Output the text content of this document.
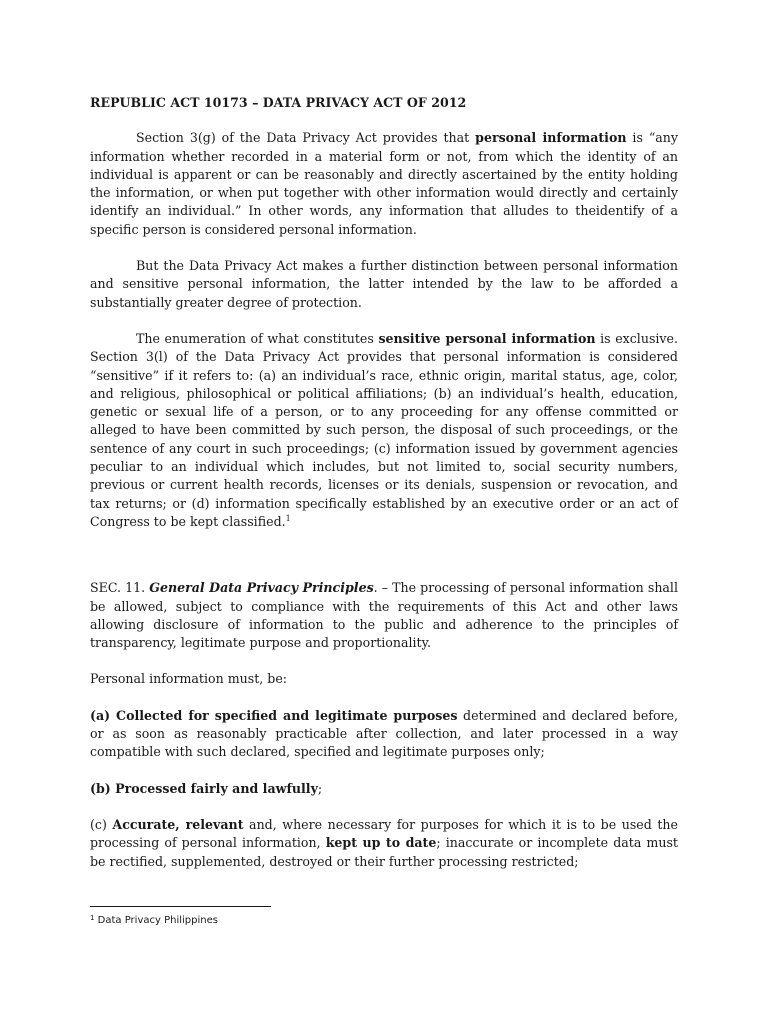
REPUBLIC ACT 10173 – DATA PRIVACY ACT OF 2012

Section 3(g) of the Data Privacy Act provides that personal information is “any information whether recorded in a material form or not, from which the identity of an individual is apparent or can be reasonably and directly ascertained by the entity holding the information, or when put together with other information would directly and certainly identify an individual.” In other words, any information that alludes to theidentify of a specific person is considered personal information.

But the Data Privacy Act makes a further distinction between personal information and sensitive personal information, the latter intended by the law to be afforded a substantially greater degree of protection.

The enumeration of what constitutes sensitive personal information is exclusive. Section 3(l) of the Data Privacy Act provides that personal information is considered “sensitive” if it refers to: (a) an individual’s race, ethnic origin, marital status, age, color, and religious, philosophical or political affiliations; (b) an individual’s health, education, genetic or sexual life of a person, or to any proceeding for any offense committed or alleged to have been committed by such person, the disposal of such proceedings, or the sentence of any court in such proceedings; (c) information issued by government agencies peculiar to an individual which includes, but not limited to, social security numbers, previous or current health records, licenses or its denials, suspension or revocation, and tax returns; or (d) information specifically established by an executive order or an act of Congress to be kept classified.$^1$

SEC. 11. General Data Privacy Principles. – The processing of personal information shall be allowed, subject to compliance with the requirements of this Act and other laws allowing disclosure of information to the public and adherence to the principles of transparency, legitimate purpose and proportionality.

Personal information must, be:

(a) Collected for specified and legitimate purposes determined and declared before, or as soon as reasonably practicable after collection, and later processed in a way compatible with such declared, specified and legitimate purposes only;

(b) Processed fairly and lawfully;

(c) Accurate, relevant and, where necessary for purposes for which it is to be used the processing of personal information, kept up to date; inaccurate or incomplete data must be rectified, supplemented, destroyed or their further processing restricted;

$^1$ Data Privacy Philippines
